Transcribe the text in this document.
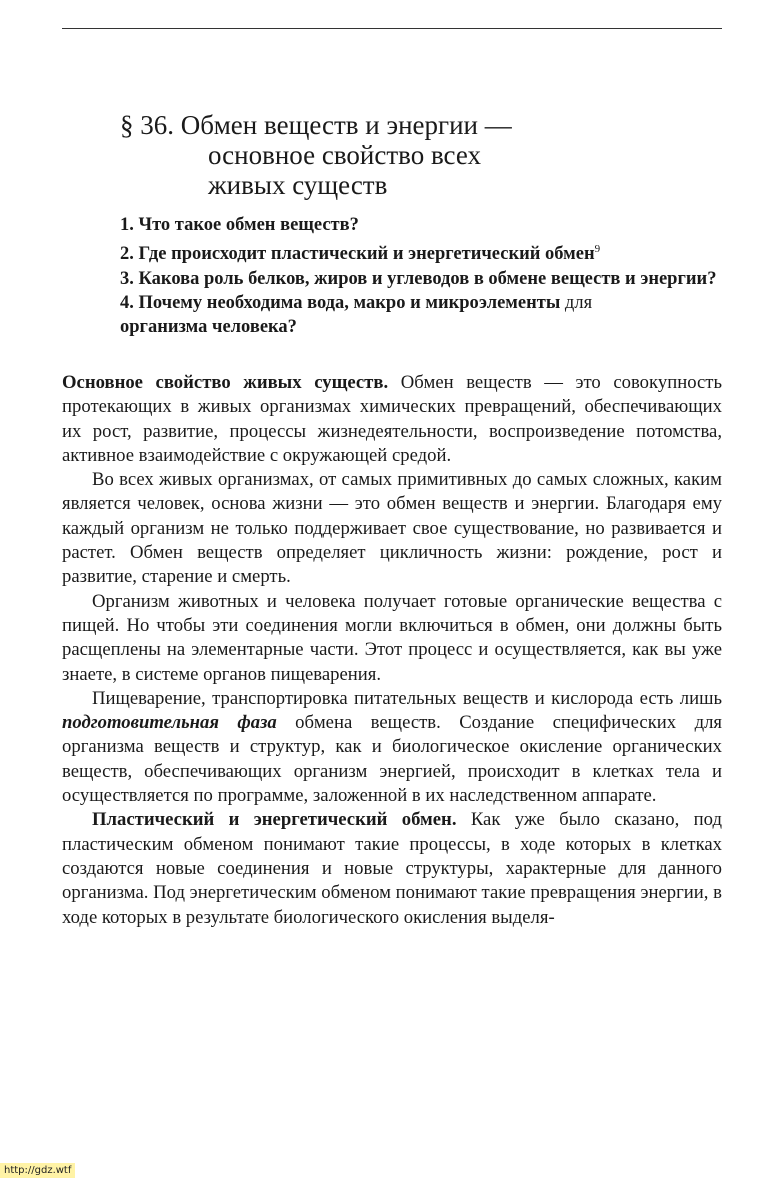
§ 36. Обмен веществ и энергии —
основное свойство всех
живых существ

1. Что такое обмен веществ?

2. Где происходит пластический и энергетический обмен$^9$

3. Какова роль белков, жиров и углеводов в обмене веществ и энергии?

4. Почему необходима вода, макро и микроэлементы для
организма человека?

Основное свойство живых существ. Обмен веществ — это совокупность протекающих в живых организмах химических превращений, обеспечивающих их рост, развитие, процессы жизнедеятельности, воспроизведение потомства, активное взаимодействие с окружающей средой.

Во всех живых организмах, от самых примитивных до самых сложных, каким является человек, основа жизни — это обмен веществ и энергии. Благодаря ему каждый организм не только поддерживает свое существование, но развивается и растет. Обмен веществ определяет цикличность жизни: рождение, рост и развитие, старение и смерть.

Организм животных и человека получает готовые органические вещества с пищей. Но чтобы эти соединения могли включиться в обмен, они должны быть расщеплены на элементарные части. Этот процесс и осуществляется, как вы уже знаете, в системе органов пищеварения.

Пищеварение, транспортировка питательных веществ и кислорода есть лишь подготовительная фаза обмена веществ. Создание специфических для организма веществ и структур, как и биологическое окисление органических веществ, обеспечивающих организм энергией, происходит в клетках тела и осуществляется по программе, заложенной в их наследственном аппарате.

Пластический и энергетический обмен. Как уже было сказано, под пластическим обменом понимают такие процессы, в ходе которых в клетках создаются новые соединения и новые структуры, характерные для данного организма. Под энергетическим обменом понимают такие превращения энергии, в ходе которых в результате биологического окисления выделя-

http://gdz.wtf
